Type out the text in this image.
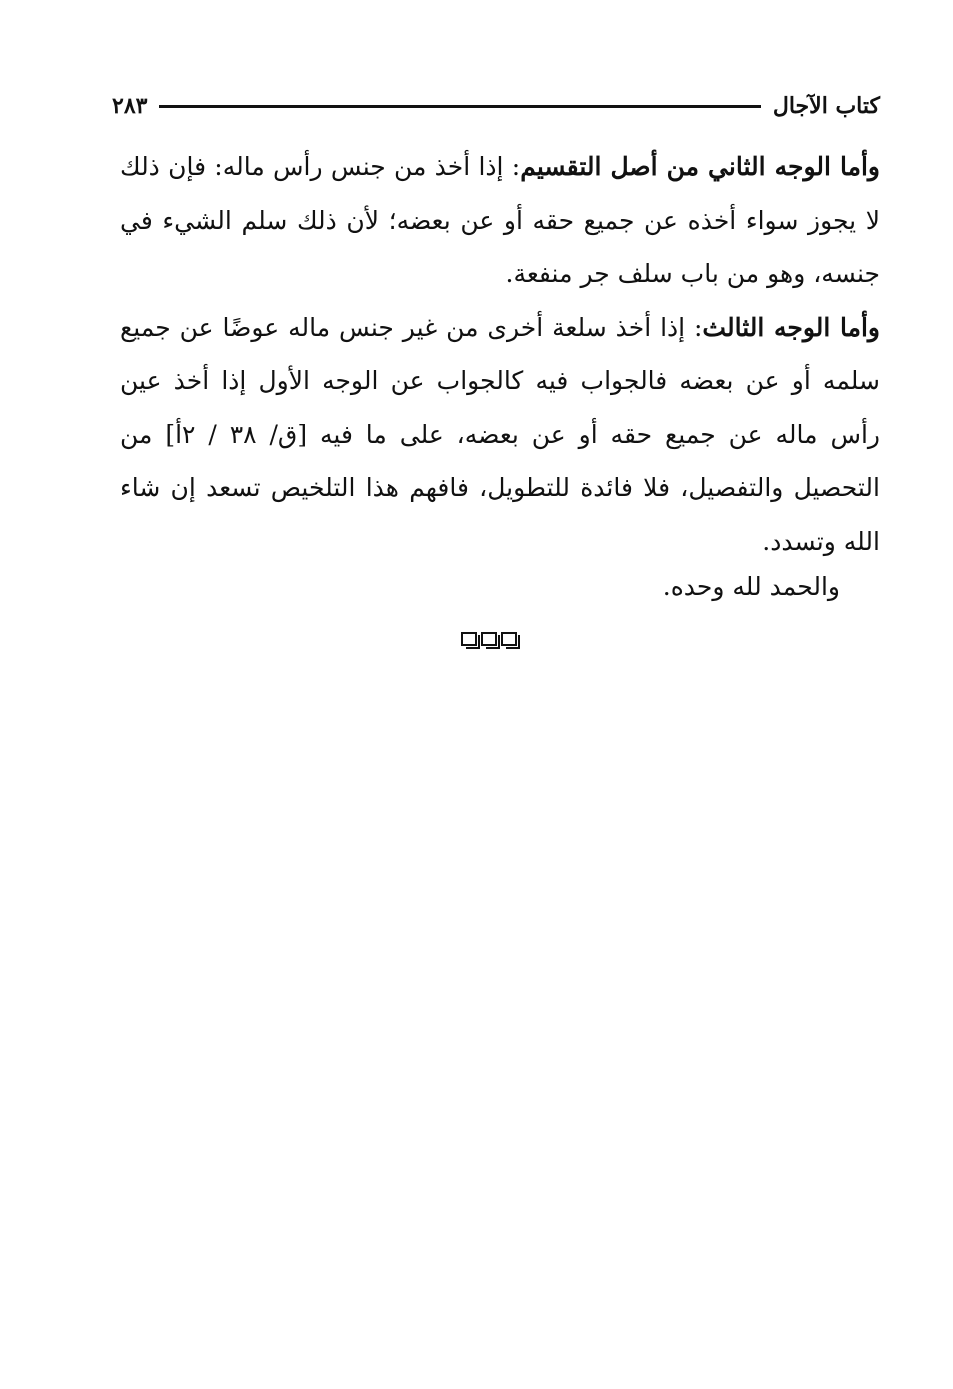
كتاب الآجال
٢٨٣

وأما الوجه الثاني من أصل التقسيم: إذا أخذ من جنس رأس ماله: فإن ذلك لا يجوز سواء أخذه عن جميع حقه أو عن بعضه؛ لأن ذلك سلم الشيء في جنسه، وهو من باب سلف جر منفعة.

وأما الوجه الثالث: إذا أخذ سلعة أخرى من غير جنس ماله عوضًا عن جميع سلمه أو عن بعضه فالجواب فيه كالجواب عن الوجه الأول إذا أخذ عين رأس ماله عن جميع حقه أو عن بعضه، على ما فيه [ق/ ٣٨ / ٢أ] من التحصيل والتفصيل، فلا فائدة للتطويل، فافهم هذا التلخيص تسعد إن شاء الله وتسدد.

والحمد لله وحده.
